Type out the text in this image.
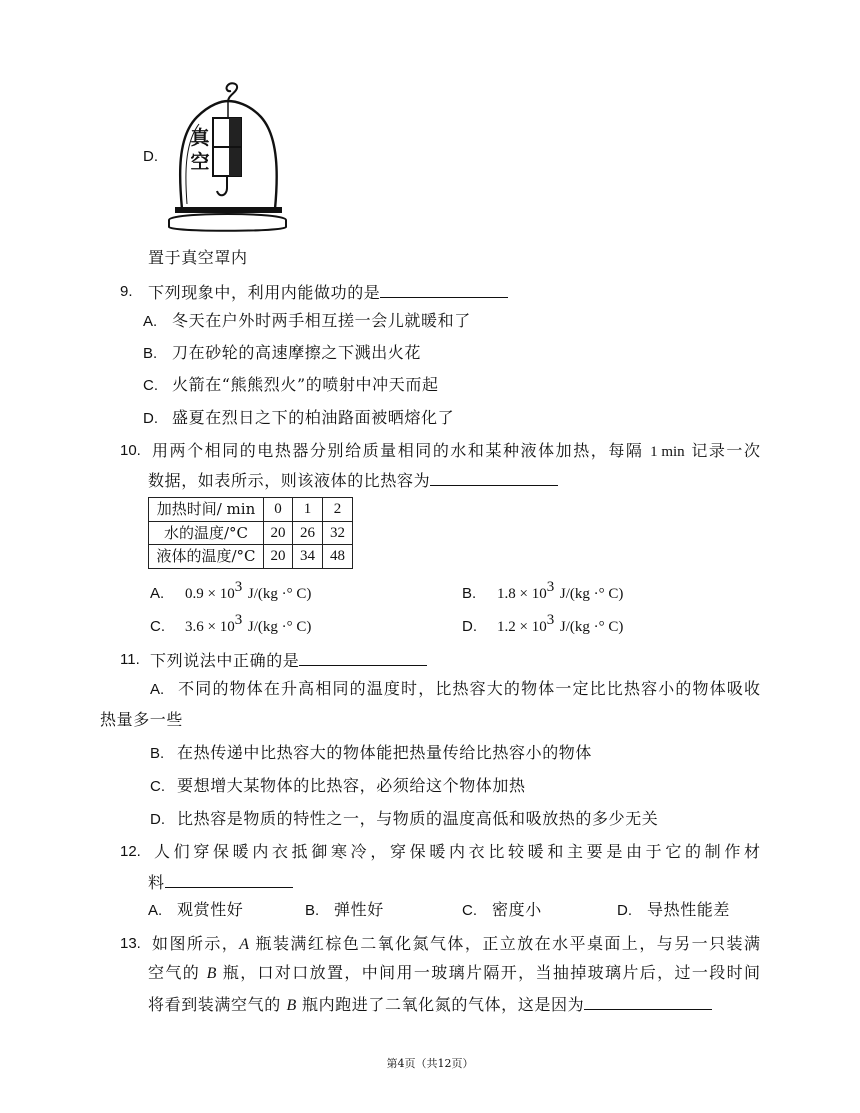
D.
真
空
置于真空罩内
9. 下列现象中，利用内能做功的是
A. 冬天在户外时两手相互搓一会儿就暖和了
B. 刀在砂轮的高速摩擦之下溅出火花
C. 火箭在“熊熊烈火”的喷射中冲天而起
D. 盛夏在烈日之下的柏油路面被晒熔化了
10. 用两个相同的电热器分别给质量相同的水和某种液体加热，每隔 1 min 记录一次
数据，如表所示，则该液体的比热容为
加热时间/ min	0	1	2
水的温度/°C	20	26	32
液体的温度/°C	20	34	48
A. $0.9 \times 10^3$ J/(kg ·° C)	B. $1.8 \times 10^3$ J/(kg ·° C)
C. $3.6 \times 10^3$ J/(kg ·° C)	D. $1.2 \times 10^3$ J/(kg ·° C)
11. 下列说法中正确的是
A. 不同的物体在升高相同的温度时，比热容大的物体一定比比热容小的物体吸收
热量多一些
B. 在热传递中比热容大的物体能把热量传给比热容小的物体
C. 要想增大某物体的比热容，必须给这个物体加热
D. 比热容是物质的特性之一，与物质的温度高低和吸放热的多少无关
12. 人们穿保暖内衣抵御寒冷，穿保暖内衣比较暖和主要是由于它的制作材
料
A. 观赏性好	B. 弹性好	C. 密度小	D. 导热性能差
13. 如图所示，A 瓶装满红棕色二氧化氮气体，正立放在水平桌面上，与另一只装满
空气的 B 瓶，口对口放置，中间用一玻璃片隔开，当抽掉玻璃片后，过一段时间
将看到装满空气的 B 瓶内跑进了二氧化氮的气体，这是因为
第4页（共12页）
